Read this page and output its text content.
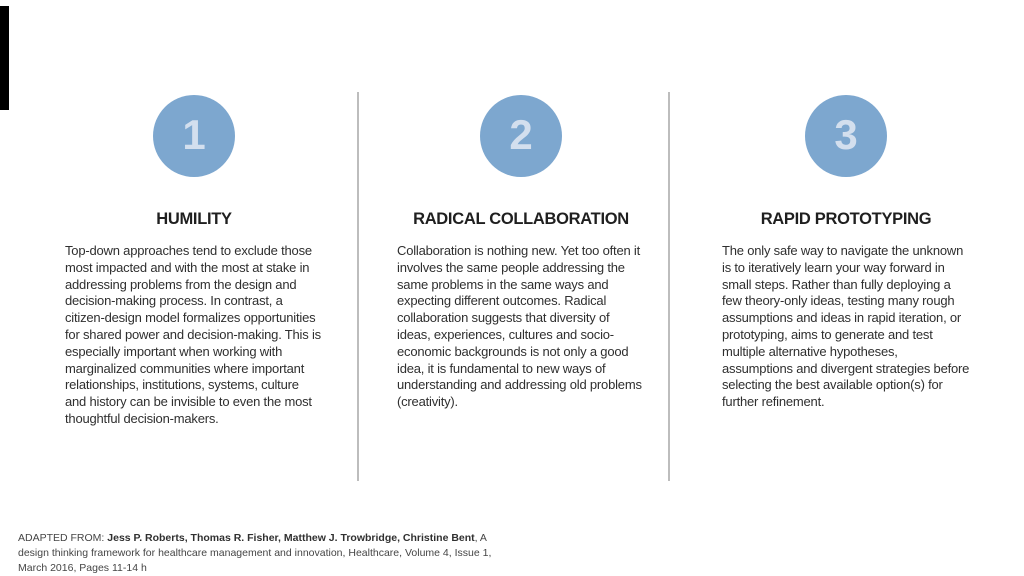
1
HUMILITY
Top-down approaches tend to exclude those most impacted and with the most at stake in addressing problems from the design and decision-making process. In contrast, a citizen-design model formalizes opportunities for shared power and decision-making. This is especially important when working with marginalized communities where important relationships, institutions, systems, culture and history can be invisible to even the most thoughtful decision-makers.
2
RADICAL COLLABORATION
Collaboration is nothing new. Yet too often it involves the same people addressing the same problems in the same ways and expecting different outcomes. Radical collaboration suggests that diversity of ideas, experiences, cultures and socio-economic backgrounds is not only a good idea, it is fundamental to new ways of understanding and addressing old problems (creativity).
3
RAPID PROTOTYPING
The only safe way to navigate the unknown is to iteratively learn your way forward in small steps. Rather than fully deploying a few theory-only ideas, testing many rough assumptions and ideas in rapid iteration, or prototyping, aims to generate and test multiple alternative hypotheses, assumptions and divergent strategies before selecting the best available option(s) for further refinement.
ADAPTED FROM: Jess P. Roberts, Thomas R. Fisher, Matthew J. Trowbridge, Christine Bent, A design thinking framework for healthcare management and innovation, Healthcare, Volume 4, Issue 1, March 2016, Pages 11-14 h
